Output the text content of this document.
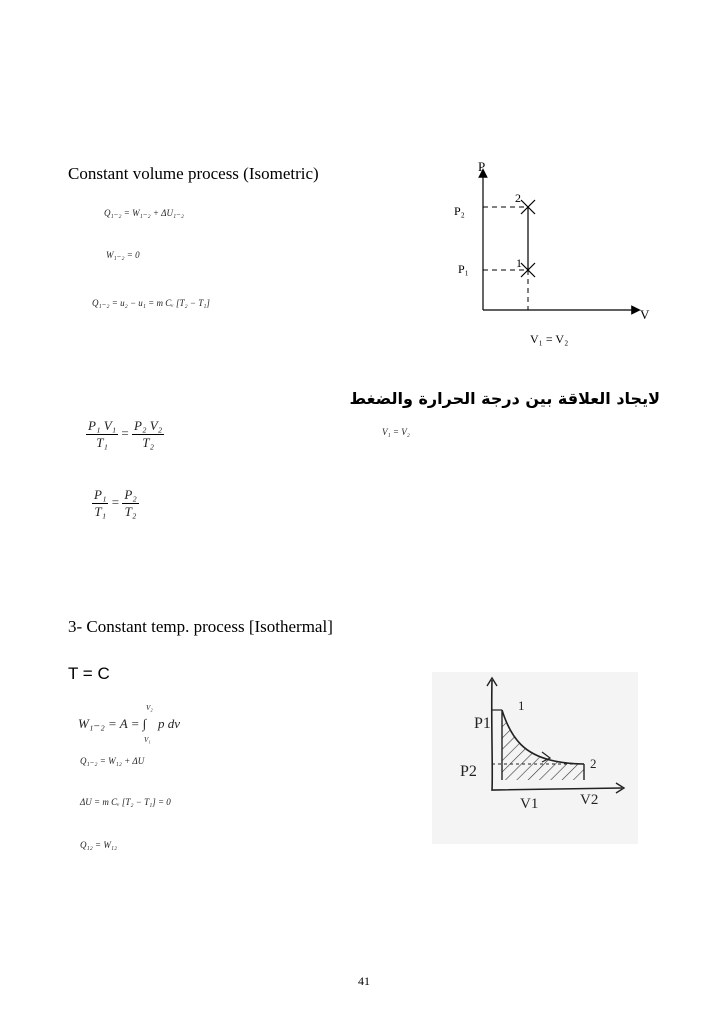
Constant volume process (Isometric)
Q₁₋₂ = W₁₋₂ + ΔU₁₋₂
W₁₋₂ = 0
Q₁₋₂ = u₂ − u₁ = m Cᵥ [T₂ − T₁]
P
V
P₂
P₁
2
1
V₁ = V₂
لايجاد العلاقة بين درجة الحرارة والضغط
$\frac{\text{P₁ V₁}}{\text{T₁}} = \frac{\text{P₂ V₂}}{\text{T₂}}$	V₁ = V₂
$\frac{\text{P₁}}{\text{T₁}} = \frac{\text{P₂}}{\text{T₂}}$
3- Constant temp. process [Isothermal]
T = C
V₂
W₁₋₂ = A = ∫ p dv
V₁
Q₁₋₂ = W₁₂ + ΔU
ΔU = m Cᵥ [T₂ − T₁] = 0
Q₁₂ = W₁₂
P1
P2
1
2
V1	V2
41
